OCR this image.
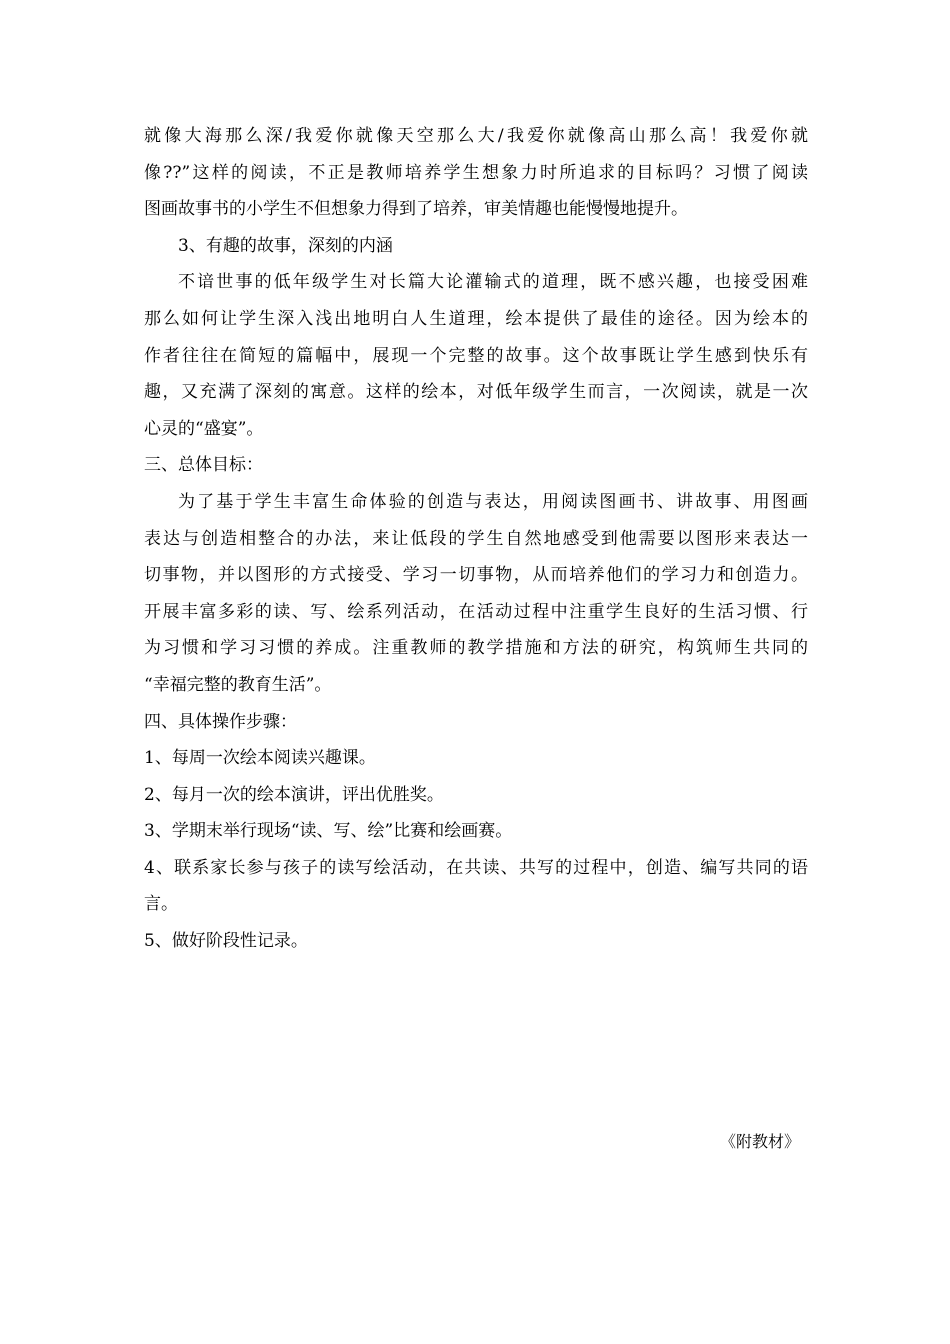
就像大海那么深/我爱你就像天空那么大/我爱你就像高山那么高！我爱你就
像??”这样的阅读，不正是教师培养学生想象力时所追求的目标吗？习惯了阅读
图画故事书的小学生不但想象力得到了培养，审美情趣也能慢慢地提升。
3、有趣的故事，深刻的内涵
不谙世事的低年级学生对长篇大论灌输式的道理，既不感兴趣，也接受困难
那么如何让学生深入浅出地明白人生道理，绘本提供了最佳的途径。因为绘本的
作者往往在简短的篇幅中，展现一个完整的故事。这个故事既让学生感到快乐有
趣，又充满了深刻的寓意。这样的绘本，对低年级学生而言，一次阅读，就是一次
心灵的“盛宴”。
三、总体目标：
为了基于学生丰富生命体验的创造与表达，用阅读图画书、讲故事、用图画
表达与创造相整合的办法，来让低段的学生自然地感受到他需要以图形来表达一
切事物，并以图形的方式接受、学习一切事物，从而培养他们的学习力和创造力。
开展丰富多彩的读、写、绘系列活动，在活动过程中注重学生良好的生活习惯、行
为习惯和学习习惯的养成。注重教师的教学措施和方法的研究，构筑师生共同的
“幸福完整的教育生活”。
四、具体操作步骤：
1、每周一次绘本阅读兴趣课。
2、每月一次的绘本演讲，评出优胜奖。
3、学期末举行现场“读、写、绘”比赛和绘画赛。
4、联系家长参与孩子的读写绘活动，在共读、共写的过程中，创造、编写共同的语
言。
5、做好阶段性记录。
《附教材》
